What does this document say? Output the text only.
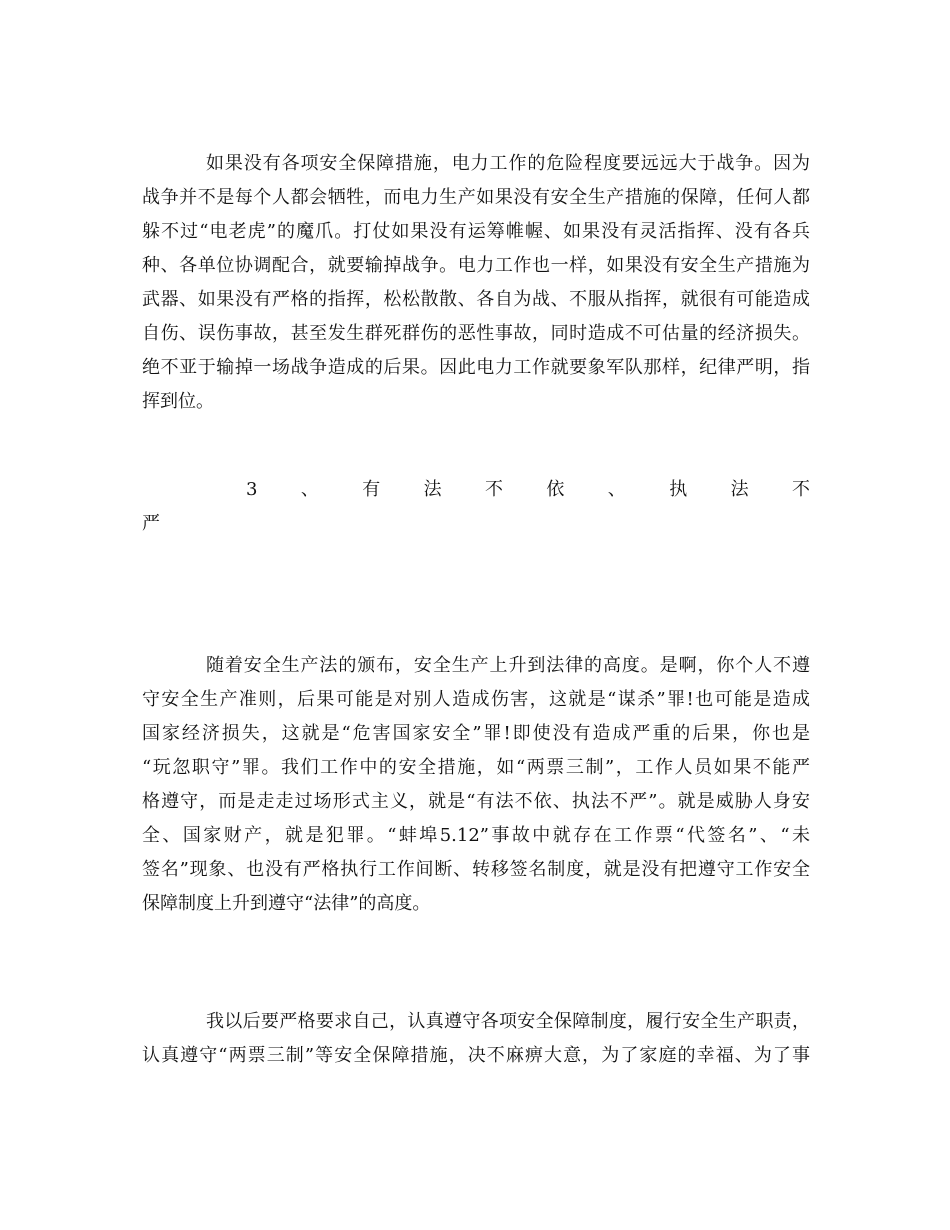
如果没有各项安全保障措施，电力工作的危险程度要远远大于战争。因为
战争并不是每个人都会牺牲，而电力生产如果没有安全生产措施的保障，任何人都
躲不过“电老虎”的魔爪。打仗如果没有运筹帷幄、如果没有灵活指挥、没有各兵
种、各单位协调配合，就要输掉战争。电力工作也一样，如果没有安全生产措施为
武器、如果没有严格的指挥，松松散散、各自为战、不服从指挥，就很有可能造成
自伤、误伤事故，甚至发生群死群伤的恶性事故，同时造成不可估量的经济损失。
绝不亚于输掉一场战争造成的后果。因此电力工作就要象军队那样，纪律严明，指
挥到位。
3 、 有 法 不 依 、 执 法 不
严
随着安全生产法的颁布，安全生产上升到法律的高度。是啊，你个人不遵
守安全生产准则，后果可能是对别人造成伤害，这就是“谋杀”罪!也可能是造成
国家经济损失，这就是“危害国家安全”罪!即使没有造成严重的后果，你也是
“玩忽职守”罪。我们工作中的安全措施，如“两票三制”，工作人员如果不能严
格遵守，而是走走过场形式主义，就是“有法不依、执法不严”。就是威胁人身安
全、国家财产，就是犯罪。“蚌埠5.12”事故中就存在工作票“代签名”、“未
签名”现象、也没有严格执行工作间断、转移签名制度，就是没有把遵守工作安全
保障制度上升到遵守“法律”的高度。
我以后要严格要求自己，认真遵守各项安全保障制度，履行安全生产职责，
认真遵守“两票三制”等安全保障措施，决不麻痹大意，为了家庭的幸福、为了事
